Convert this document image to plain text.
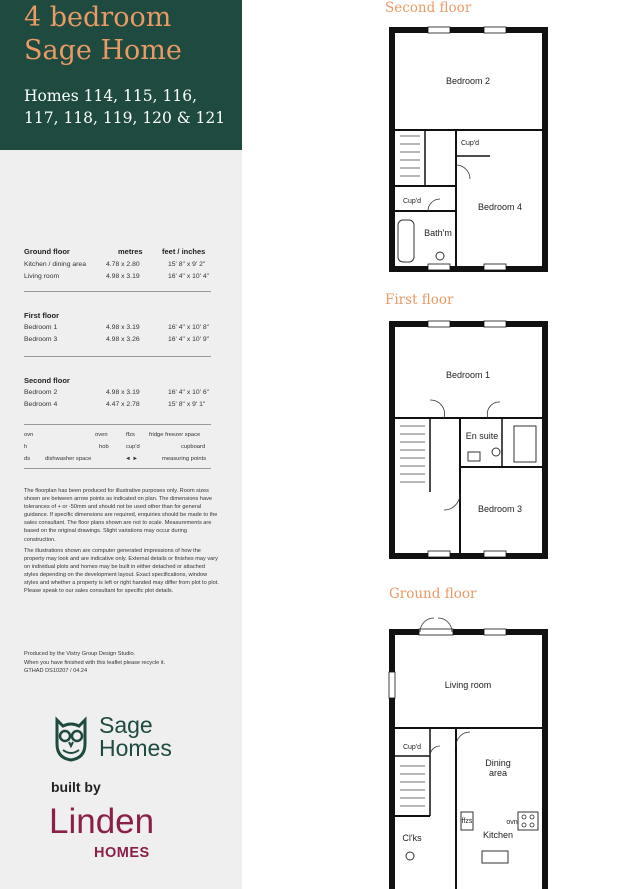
4 bedroom
Sage Home
Homes 114, 115, 116,
117, 118, 119, 120 & 121
Ground floor	metres	feet / inches
Kitchen / dining area	4.78 x 2.80	15' 8" x 9' 2"
Living room	4.98 x 3.19	16' 4" x 10' 4"
First floor
Bedroom 1	4.98 x 3.19	16' 4" x 10' 8"
Bedroom 3	4.98 x 3.26	16' 4" x 10' 9"
Second floor
Bedroom 2	4.98 x 3.19	16' 4" x 10' 6"
Bedroom 4	4.47 x 2.78	15' 8" x 9' 1"
ovn	oven	ffzs fridge freezer space
h	hob	cup'd	cupboard
ds	dishwasher space	◄ ►	measuring points

The floorplan has been produced for illustrative purposes only. Room sizes shown are between arrow points as indicated on plan. The dimensions have tolerances of + or -50mm and should not be used other than for general guidance. If specific dimensions are required, enquiries should be made to the sales consultant. The floor plans shown are not to scale. Measurements are based on the original drawings. Slight variations may occur during construction.

The illustrations shown are computer generated impressions of how the property may look and are indicative only. External details or finishes may vary on individual plots and homes may be built in either detached or attached styles depending on the development layout. Exact specifications, window styles and whether a property is left or right handed may differ from plot to plot. Please speak to our sales consultant for specific plot details.

Produced by the Vistry Group Design Studio.
When you have finished with this leaflet please recycle it.
GTHAD DS10207 / 04.24
Sage
Homes
built by
Linden
HOMES
Second floor
First floor
Ground floor
Bedroom 2
Bedroom 4
Cup'd
Cup'd
Bath'm
Bedroom 1
Bedroom 3
En suite
Living room
Dining
area
Kitchen
Cup'd
Cl'ks
ffzs	ovn
